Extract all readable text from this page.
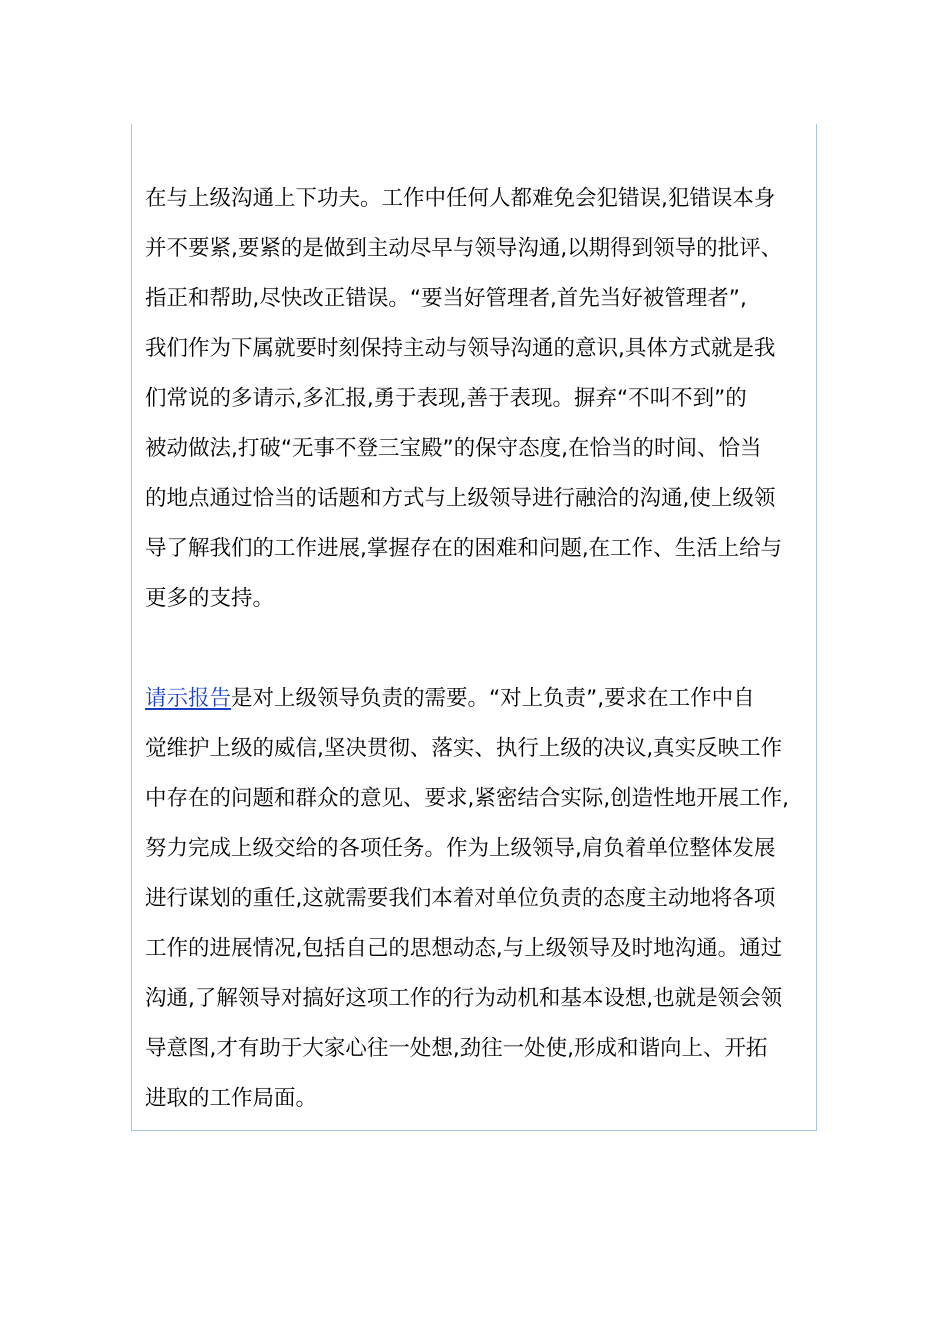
在与上级沟通上下功夫。工作中任何人都难免会犯错误,犯错误本身
并不要紧,要紧的是做到主动尽早与领导沟通,以期得到领导的批评、
指正和帮助,尽快改正错误。“要当好管理者,首先当好被管理者”,
我们作为下属就要时刻保持主动与领导沟通的意识,具体方式就是我
们常说的多请示,多汇报,勇于表现,善于表现。摒弃“不叫不到”的
被动做法,打破“无事不登三宝殿”的保守态度,在恰当的时间、恰当
的地点通过恰当的话题和方式与上级领导进行融洽的沟通,使上级领
导了解我们的工作进展,掌握存在的困难和问题,在工作、生活上给与
更多的支持。
请示报告是对上级领导负责的需要。“对上负责”,要求在工作中自
觉维护上级的威信,坚决贯彻、落实、执行上级的决议,真实反映工作
中存在的问题和群众的意见、要求,紧密结合实际,创造性地开展工作,
努力完成上级交给的各项任务。作为上级领导,肩负着单位整体发展
进行谋划的重任,这就需要我们本着对单位负责的态度主动地将各项
工作的进展情况,包括自己的思想动态,与上级领导及时地沟通。通过
沟通,了解领导对搞好这项工作的行为动机和基本设想,也就是领会领
导意图,才有助于大家心往一处想,劲往一处使,形成和谐向上、开拓
进取的工作局面。
